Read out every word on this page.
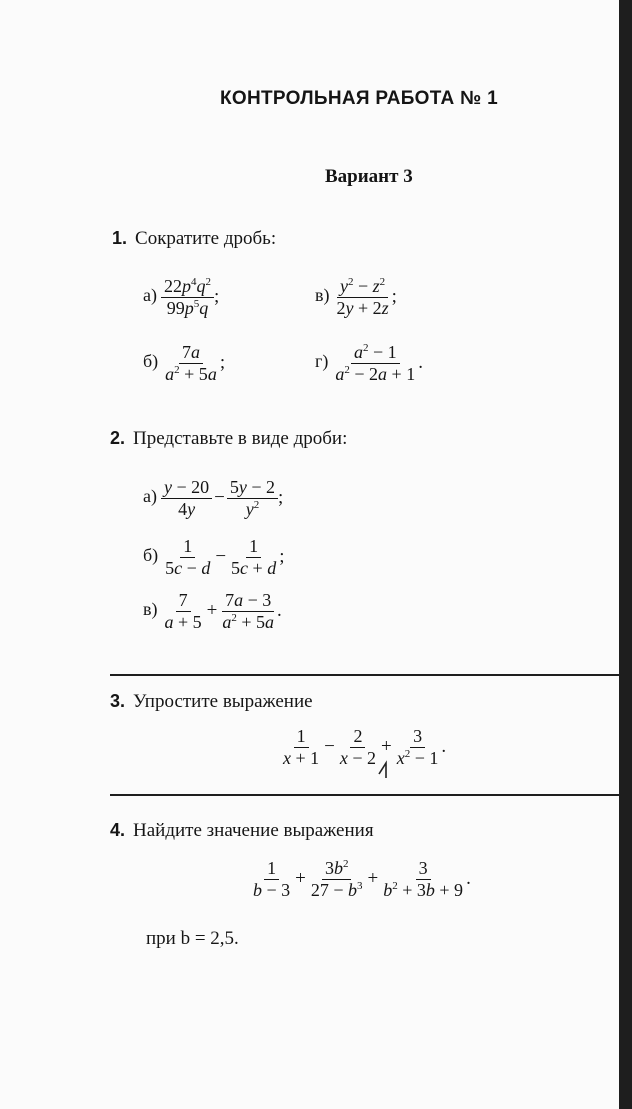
КОНТРОЛЬНАЯ РАБОТА № 1
Вариант 3
1. Сократите дробь:
$а) \frac{22p^4q^2}{99p^5q}$ ;	$в) \frac{y^2 - z^2}{2y + 2z}$ ;
$б) \frac{7a}{a^2 + 5a}$ ;	$г) \frac{a^2 - 1}{a^2 - 2a + 1}$ .
2. Представьте в виде дроби:
$а) \frac{y - 20}{4y} - \frac{5y - 2}{y^2}$ ;
$б) \frac{1}{5c - d} - \frac{1}{5c + d}$ ;
$в) \frac{7}{a + 5} + \frac{7a - 3}{a^2 + 5a}$ .
3. Упростите выражение
$\frac{1}{x + 1} - \frac{2}{x - 2} + \frac{3}{x^2 - 1}$ .
4. Найдите значение выражения
$\frac{1}{b - 3} + \frac{3b^2}{27 - b^3} + \frac{3}{b^2 + 3b + 9}$ .
при b = 2,5.
